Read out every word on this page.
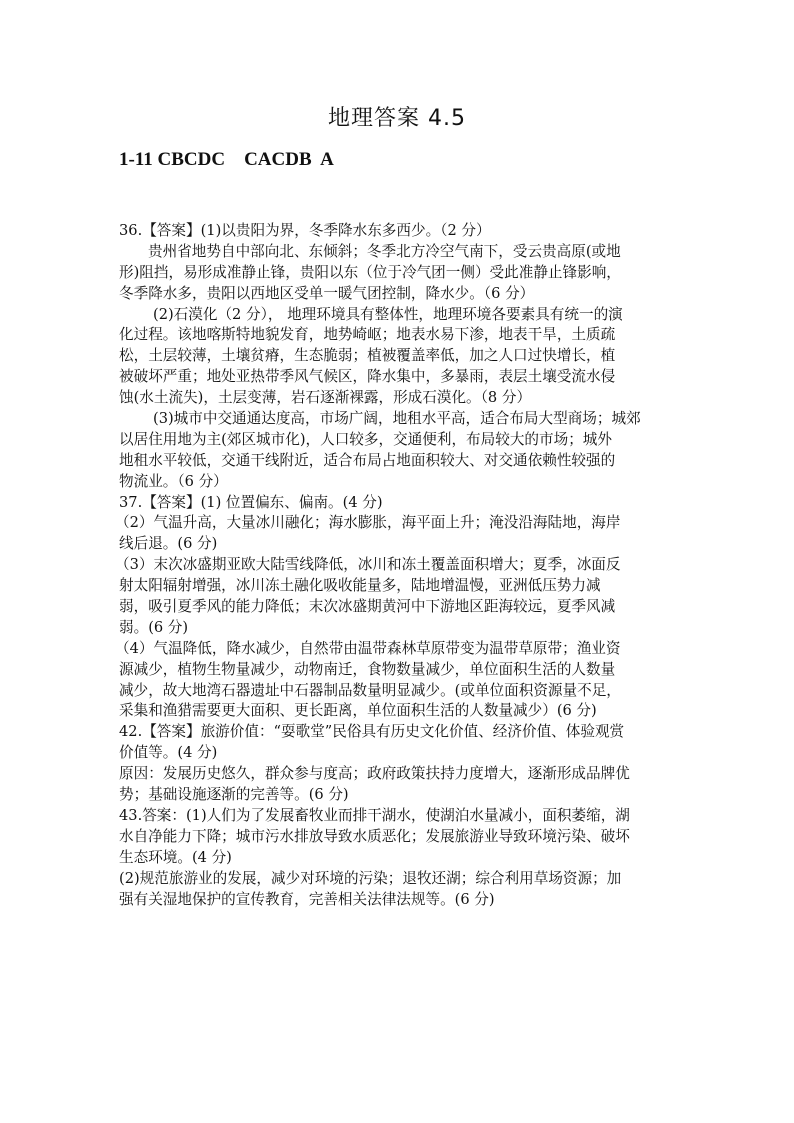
地理答案 4.5
1-11 CBCDC    CACDB  A
36.【答案】(1)以贵阳为界，冬季降水东多西少。（2 分）
贵州省地势自中部向北、东倾斜；冬季北方冷空气南下，受云贵高原(或地
形)阻挡，易形成准静止锋，贵阳以东（位于冷气团一侧）受此准静止锋影响，
冬季降水多，贵阳以西地区受单一暖气团控制，降水少。（6 分）
(2)石漠化（2 分）， 地理环境具有整体性，地理环境各要素具有统一的演
化过程。该地喀斯特地貌发育，地势崎岖；地表水易下渗，地表干旱，土质疏
松，土层较薄，土壤贫瘠，生态脆弱；植被覆盖率低，加之人口过快增长，植
被破坏严重；地处亚热带季风气候区，降水集中，多暴雨，表层土壤受流水侵
蚀(水土流失)，土层变薄，岩石逐渐裸露，形成石漠化。（8 分）
(3)城市中交通通达度高，市场广阔，地租水平高，适合布局大型商场；城郊
以居住用地为主(郊区城市化)，人口较多，交通便利，布局较大的市场；城外
地租水平较低，交通干线附近，适合布局占地面积较大、对交通依赖性较强的
物流业。（6 分）
37.【答案】(1) 位置偏东、偏南。(4 分)
（2）气温升高，大量冰川融化；海水膨胀，海平面上升；淹没沿海陆地，海岸
线后退。(6 分)
（3）末次冰盛期亚欧大陆雪线降低，冰川和冻土覆盖面积增大；夏季，冰面反
射太阳辐射增强，冰川冻土融化吸收能量多，陆地增温慢，亚洲低压势力减
弱，吸引夏季风的能力降低；末次冰盛期黄河中下游地区距海较远，夏季风减
弱。(6 分)
（4）气温降低，降水减少，自然带由温带森林草原带变为温带草原带；渔业资
源减少，植物生物量减少，动物南迁，食物数量减少，单位面积生活的人数量
减少，故大地湾石器遗址中石器制品数量明显减少。(或单位面积资源量不足，
采集和渔猎需要更大面积、更长距离，单位面积生活的人数量减少）(6 分)
42.【答案】旅游价值：“耍歌堂”民俗具有历史文化价值、经济价值、体验观赏
价值等。(4 分)
原因：发展历史悠久，群众参与度高；政府政策扶持力度增大，逐渐形成品牌优
势；基础设施逐渐的完善等。(6 分)
43.答案：(1)人们为了发展畜牧业而排干湖水，使湖泊水量减小，面积萎缩，湖
水自净能力下降；城市污水排放导致水质恶化；发展旅游业导致环境污染、破坏
生态环境。(4 分)
(2)规范旅游业的发展，减少对环境的污染；退牧还湖；综合利用草场资源；加
强有关湿地保护的宣传教育，完善相关法律法规等。(6 分)
